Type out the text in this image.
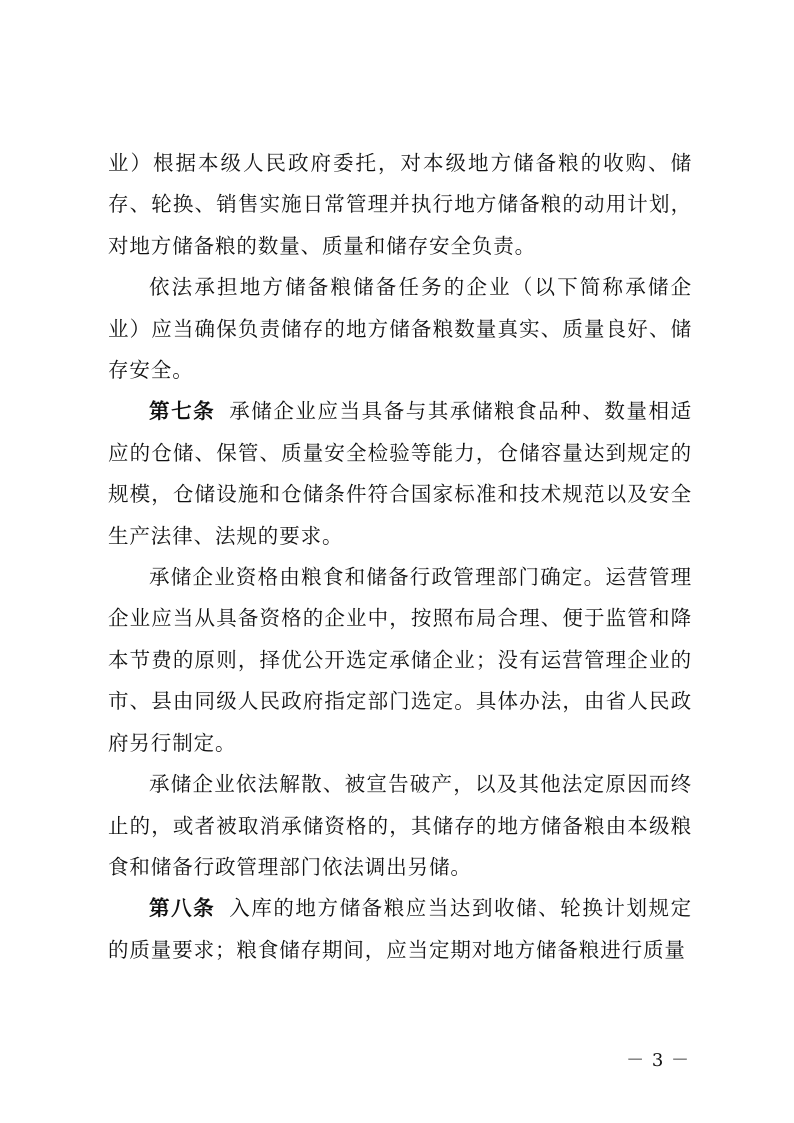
业）根据本级人民政府委托，对本级地方储备粮的收购、储存、轮换、销售实施日常管理并执行地方储备粮的动用计划，对地方储备粮的数量、质量和储存安全负责。

依法承担地方储备粮储备任务的企业（以下简称承储企业）应当确保负责储存的地方储备粮数量真实、质量良好、储存安全。

第七条 承储企业应当具备与其承储粮食品种、数量相适应的仓储、保管、质量安全检验等能力，仓储容量达到规定的规模，仓储设施和仓储条件符合国家标准和技术规范以及安全生产法律、法规的要求。

承储企业资格由粮食和储备行政管理部门确定。运营管理企业应当从具备资格的企业中，按照布局合理、便于监管和降本节费的原则，择优公开选定承储企业；没有运营管理企业的市、县由同级人民政府指定部门选定。具体办法，由省人民政府另行制定。

承储企业依法解散、被宣告破产，以及其他法定原因而终止的，或者被取消承储资格的，其储存的地方储备粮由本级粮食和储备行政管理部门依法调出另储。

第八条 入库的地方储备粮应当达到收储、轮换计划规定的质量要求；粮食储存期间，应当定期对地方储备粮进行质量

－ 3 －
